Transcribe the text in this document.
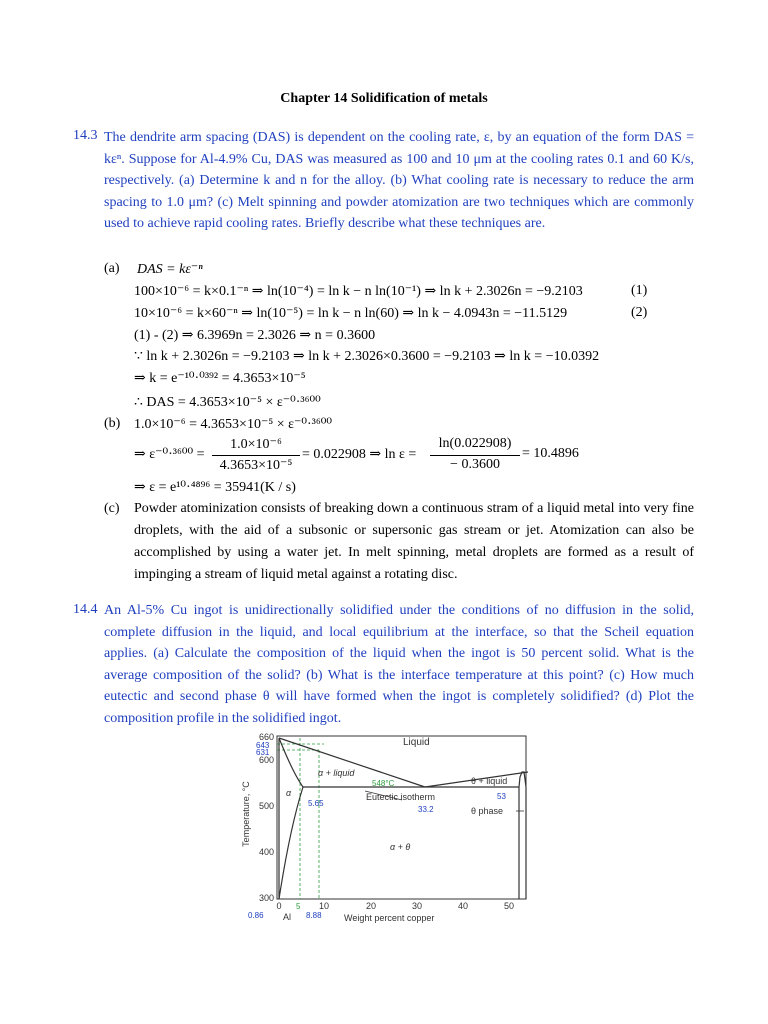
Chapter 14 Solidification of metals
14.3 The dendrite arm spacing (DAS) is dependent on the cooling rate, ε, by an equation of the form DAS = kεⁿ. Suppose for Al-4.9% Cu, DAS was measured as 100 and 10 μm at the cooling rates 0.1 and 60 K/s, respectively. (a) Determine k and n for the alloy. (b) What cooling rate is necessary to reduce the arm spacing to 1.0 μm? (c) Melt spinning and powder atomization are two techniques which are commonly used to achieve rapid cooling rates. Briefly describe what these techniques are.
(a) DAS = kε⁻ⁿ
100×10⁻⁶ = k×0.1⁻ⁿ ⇒ ln(10⁻⁴) = ln k − n ln(10⁻¹) ⇒ ln k + 2.3026n = −9.2103	(1)
10×10⁻⁶ = k×60⁻ⁿ ⇒ ln(10⁻⁵) = ln k − n ln(60) ⇒ ln k − 4.0943n = −11.5129	(2)
(1) - (2) ⇒ 6.3969n = 2.3026 ⇒ n = 0.3600
∵ ln k + 2.3026n = −9.2103 ⇒ ln k + 2.3026×0.3600 = −9.2103 ⇒ ln k = −10.0392
⇒ k = e⁻¹⁰·⁰³⁹² = 4.3653×10⁻⁵
∴ DAS = 4.3653×10⁻⁵ × ε⁻⁰·³⁶⁰⁰
(b) 1.0×10⁻⁶ = 4.3653×10⁻⁵ × ε⁻⁰·³⁶⁰⁰
⇒ ε⁻⁰·³⁶⁰⁰ =
1.0×10⁻⁶
4.3653×10⁻⁵
= 0.022908 ⇒ ln ε =
ln(0.022908)
− 0.3600
= 10.4896
⇒ ε = e¹⁰·⁴⁸⁹⁶ = 35941(K / s)
(c) Powder atominization consists of breaking down a continuous stram of a liquid metal into very fine droplets, with the aid of a subsonic or supersonic gas stream or jet. Atomization can also be accomplished by using a water jet. In melt spinning, metal droplets are formed as a result of impinging a stream of liquid metal against a rotating disc.
14.4 An Al-5% Cu ingot is unidirectionally solidified under the conditions of no diffusion in the solid, complete diffusion in the liquid, and local equilibrium at the interface, so that the Scheil equation applies. (a) Calculate the composition of the liquid when the ingot is 50 percent solid. What is the average composition of the solid? (b) What is the interface temperature at this point? (c) How much eutectic and second phase θ will have formed when the ingot is completely solidified? (d) Plot the composition profile in the solidified ingot.
660
600
500
400
300
0	10	20	30	40	50
Al	Weight percent copper
Temperature, °C
Liquid
α + liquid
θ + liquid
α
α + θ
θ phase
Eutectic isotherm
643
631
548°C
5.65
33.2
53
5
0.86	8.88
